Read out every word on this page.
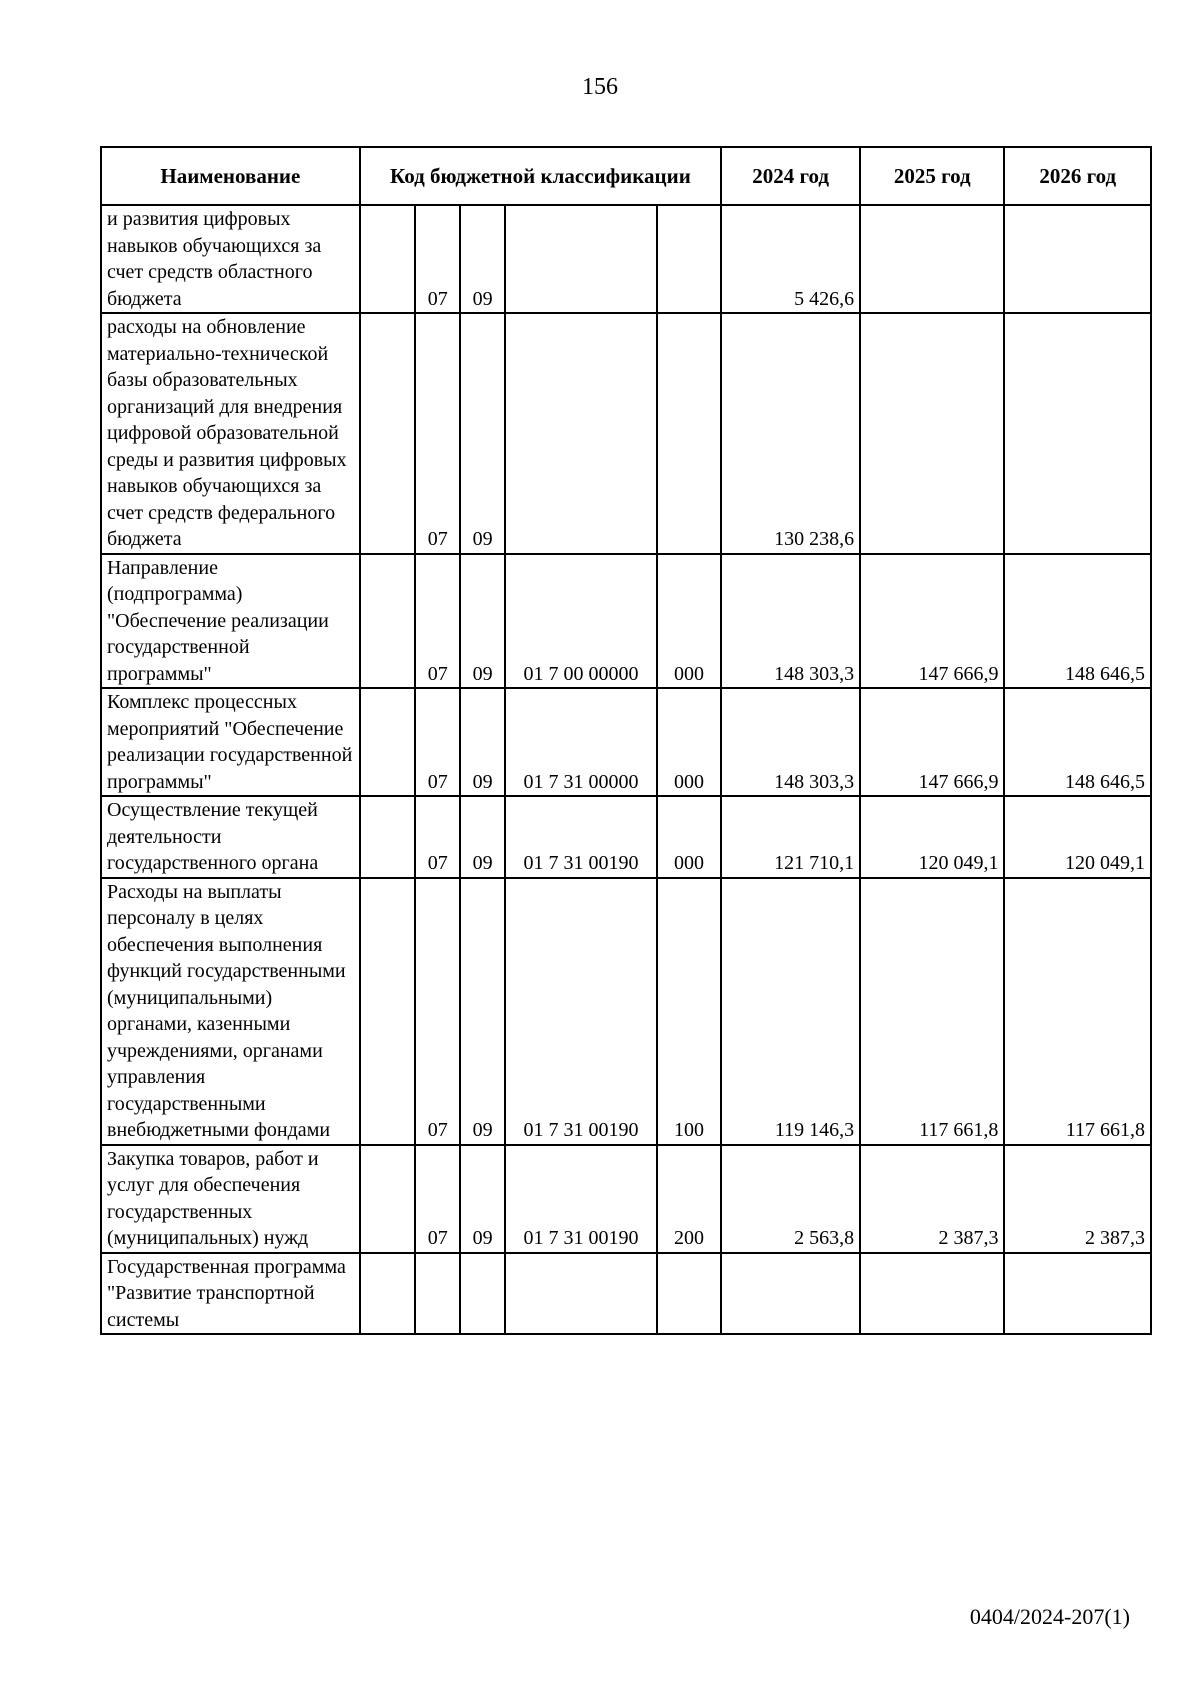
156
Наименование	Код бюджетной классификации					2024 год	2025 год	2026 год
и развития цифровых навыков обучающихся за счет средств областного бюджета		07	09			5 426,6		
расходы на обновление материально-технической базы образовательных организаций для внедрения цифровой образовательной среды и развития цифровых навыков обучающихся за счет средств федерального бюджета		07	09			130 238,6		
Направление (подпрограмма) "Обеспечение реализации государственной программы"		07	09	01 7 00 00000	000	148 303,3	147 666,9	148 646,5
Комплекс процессных мероприятий "Обеспечение реализации государственной программы"		07	09	01 7 31 00000	000	148 303,3	147 666,9	148 646,5
Осуществление текущей деятельности государственного органа		07	09	01 7 31 00190	000	121 710,1	120 049,1	120 049,1
Расходы на выплаты персоналу в целях обеспечения выполнения функций государственными (муниципальными) органами, казенными учреждениями, органами управления государственными внебюджетными фондами		07	09	01 7 31 00190	100	119 146,3	117 661,8	117 661,8
Закупка товаров, работ и услуг для обеспечения государственных (муниципальных) нужд		07	09	01 7 31 00190	200	2 563,8	2 387,3	2 387,3
Государственная программа "Развитие транспортной системы								
0404/2024-207(1)
